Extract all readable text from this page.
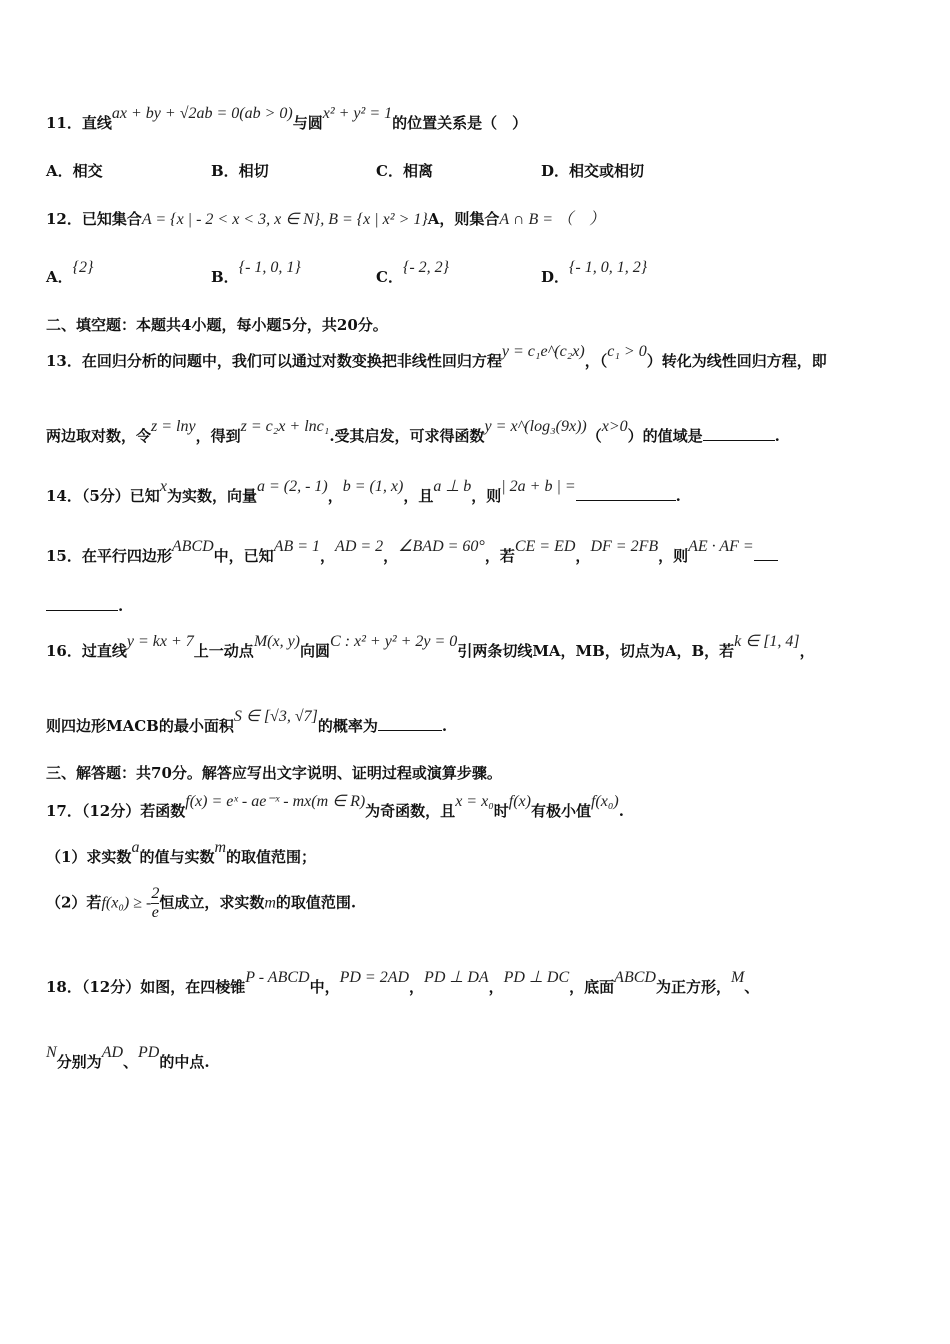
11．直线ax + by + √2ab = 0(ab > 0)与圆x² + y² = 1的位置关系是（　）
A．相交	B．相切	C．相离	D．相交或相切
12．已知集合A = {x | - 2 < x < 3, x ∈ N}, B = {x | x² > 1}A，则集合A ∩ B = （　）
A．{2}
B．{- 1, 0, 1}
C．{- 2, 2}
D．{- 1, 0, 1, 2}
二、填空题：本题共4小题，每小题5分，共20分。
13．在回归分析的问题中，我们可以通过对数变换把非线性回归方程y = c₁e^(c₂x)，（c₁ > 0）转化为线性回归方程，即
两边取对数，令z = lny，得到z = c₂x + lnc₁.受其启发，可求得函数y = x^(log₃(9x))（x>0）的值域是	.
14．（5分）已知x为实数，向量a = (2, - 1)，b = (1, x)，且a ⊥ b，则| 2a + b | =.
15．在平行四边形ABCD中，已知AB = 1，AD = 2，∠BAD = 60°，若CE = ED，DF = 2FB，则AE · AF =
.
16．过直线y = kx + 7上一动点M(x, y)向圆C : x² + y² + 2y = 0引两条切线MA，MB，切点为A，B，若k ∈ [1, 4]，
则四边形MACB的最小面积S ∈ [√3, √7]的概率为	.
三、解答题：共70分。解答应写出文字说明、证明过程或演算步骤。
17．（12分）若函数f(x) = eˣ - ae⁻ˣ - mx(m ∈ R)为奇函数，且x = x₀时f(x)有极小值f(x₀).
（1）求实数a的值与实数m的取值范围；
（2）若f(x₀) ≥ - $\frac{2}{e}$ 恒成立，求实数m的取值范围.
18．（12分）如图，在四棱锥P - ABCD中，PD = 2AD，PD ⊥ DA，PD ⊥ DC，底面ABCD为正方形，M、
N分别为AD、PD的中点.
